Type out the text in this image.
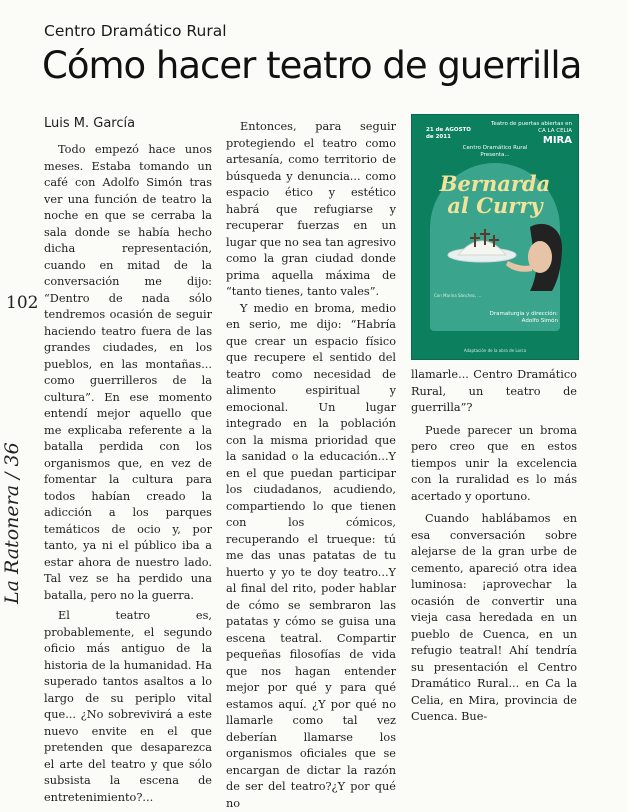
Centro Dramático Rural
Cómo hacer teatro de guerrilla
Luis M. García
102
La Ratonera / 36

Todo empezó hace unos meses. Estaba tomando un café con Adolfo Simón tras ver una función de teatro la noche en que se cerraba la sala donde se había hecho dicha representación, cuando en mitad de la conversación me dijo: “Dentro de nada sólo tendremos ocasión de seguir haciendo teatro fuera de las grandes ciudades, en los pueblos, en las montañas... como guerrilleros de la cultura”. En ese momento entendí mejor aquello que me explicaba referente a la batalla perdida con los organismos que, en vez de fomentar la cultura para todos habían creado la adicción a los parques temáticos de ocio y, por tanto, ya ni el público iba a estar ahora de nuestro lado. Tal vez se ha perdido una batalla, pero no la guerra.

El teatro es, probablemente, el segundo oficio más antiguo de la historia de la humanidad. Ha superado tantos asaltos a lo largo de su periplo vital que... ¿No sobrevivirá a este nuevo envite en el que pretenden que desaparezca el arte del teatro y que sólo subsista la escena de entretenimiento?...

Entonces, para seguir protegiendo el teatro como artesanía, como territorio de búsqueda y denuncia... como espacio ético y estético habrá que refugiarse y recuperar fuerzas en un lugar que no sea tan agresivo como la gran ciudad donde prima aquella máxima de “tanto tienes, tanto vales”.

Y medio en broma, medio en serio, me dijo: “Habría que crear un espacio físico que recupere el sentido del teatro como necesidad de alimento espiritual y emocional. Un lugar integrado en la población con la misma prioridad que la sanidad o la educación...Y en el que puedan participar los ciudadanos, acudiendo, compartiendo lo que tienen con los cómicos, recuperando el trueque: tú me das unas patatas de tu huerto y yo te doy teatro...Y al final del rito, poder hablar de cómo se sembraron las patatas y cómo se guisa una escena teatral. Compartir pequeñas filosofías de vida que nos hagan entender mejor por qué y para qué estamos aquí. ¿Y por qué no llamarle como tal vez deberían llamarse los organismos oficiales que se encargan de dictar la razón de ser del teatro?¿Y por qué no

llamarle... Centro Dramático Rural, un teatro de guerrilla”?

Puede parecer un broma pero creo que en estos tiempos unir la excelencia con la ruralidad es lo más acertado y oportuno.

Cuando hablábamos en esa conversación sobre alejarse de la gran urbe de cemento, apareció otra idea luminosa: ¡aprovechar la ocasión de convertir una vieja casa heredada en un pueblo de Cuenca, en un refugio teatral! Ahí tendría su presentación el Centro Dramático Rural... en Ca la Celia, en Mira, provincia de Cuenca. Bue-

21 de AGOSTO
de 2011
Teatro de puertas abiertas en CA LA CELIA
MIRA
Centro Dramático Rural
Presenta...
Bernarda
al Curry
Con Marina Sánchez, ...
Dramaturgia y dirección:
Adolfo Simón
Adaptación de la obra de Lorca
